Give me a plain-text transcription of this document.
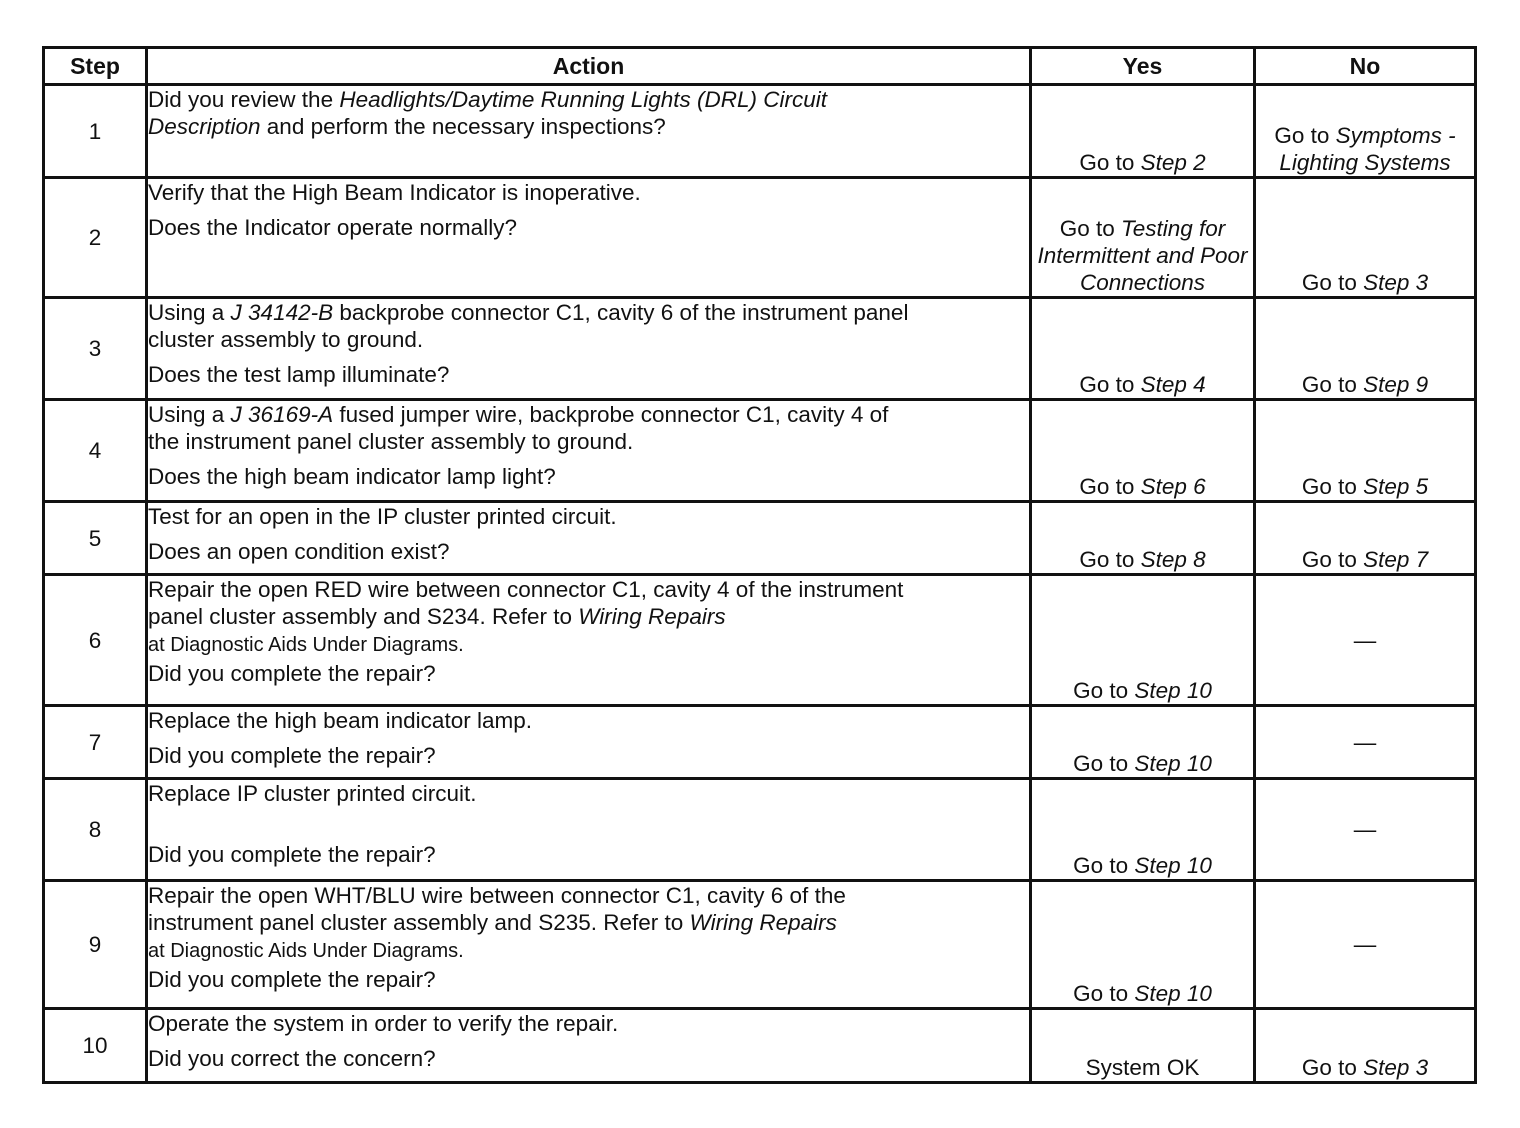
Step	Action	Yes	No
1	Did you review the Headlights/Daytime Running Lights (DRL) Circuit
Description and perform the necessary inspections?	Go to Step 2	Go to Symptoms - Lighting Systems
2	Verify that the High Beam Indicator is inoperative.
Does the Indicator operate normally?	Go to Testing for Intermittent and Poor Connections	Go to Step 3
3	Using a J 34142-B backprobe connector C1, cavity 6 of the instrument panel
cluster assembly to ground.
Does the test lamp illuminate?	Go to Step 4	Go to Step 9
4	Using a J 36169-A fused jumper wire, backprobe connector C1, cavity 4 of
the instrument panel cluster assembly to ground.
Does the high beam indicator lamp light?	Go to Step 6	Go to Step 5
5	Test for an open in the IP cluster printed circuit.
Does an open condition exist?	Go to Step 8	Go to Step 7
6	Repair the open RED wire between connector C1, cavity 4 of the instrument
panel cluster assembly and S234. Refer to Wiring Repairs
at Diagnostic Aids Under Diagrams.
Did you complete the repair?	Go to Step 10	—
7	Replace the high beam indicator lamp.
Did you complete the repair?	Go to Step 10	—
8	Replace IP cluster printed circuit.
Did you complete the repair?	Go to Step 10	—
9	Repair the open WHT/BLU wire between connector C1, cavity 6 of the
instrument panel cluster assembly and S235. Refer to Wiring Repairs
at Diagnostic Aids Under Diagrams.
Did you complete the repair?	Go to Step 10	—
10	Operate the system in order to verify the repair.
Did you correct the concern?	System OK	Go to Step 3
